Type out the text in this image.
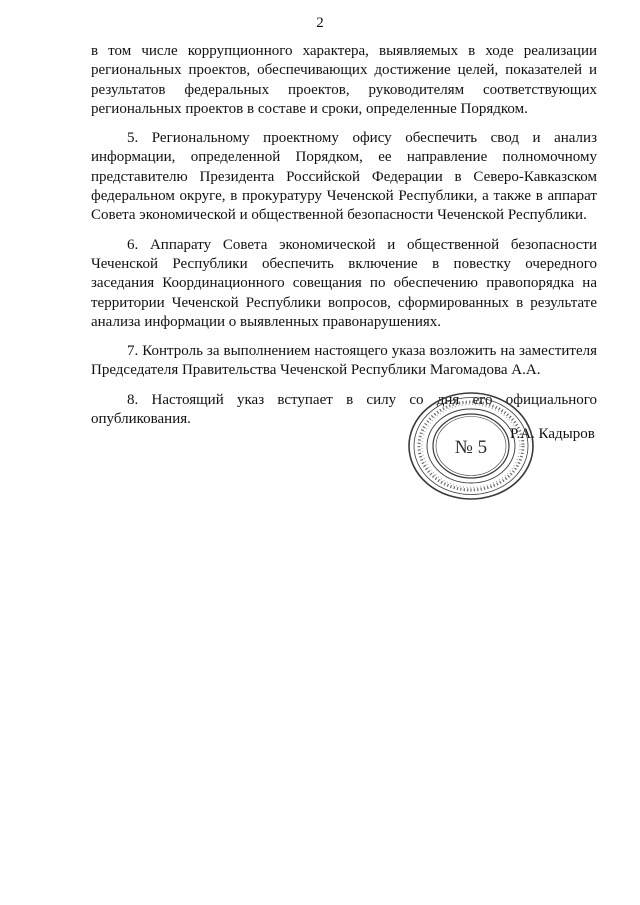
2

в том числе коррупционного характера, выявляемых в ходе реализации региональных проектов, обеспечивающих достижение целей, показателей и результатов федеральных проектов, руководителям соответствующих региональных проектов в составе и сроки, определенные Порядком.

5. Региональному проектному офису обеспечить свод и анализ информации, определенной Порядком, ее направление полномочному представителю Президента Российской Федерации в Северо-Кавказском федеральном округе, в прокуратуру Чеченской Республики, а также в аппарат Совета экономической и общественной безопасности Чеченской Республики.

6. Аппарату Совета экономической и общественной безопасности Чеченской Республики обеспечить включение в повестку очередного заседания Координационного совещания по обеспечению правопорядка на территории Чеченской Республики вопросов, сформированных в результате анализа информации о выявленных правонарушениях.

7. Контроль за выполнением настоящего указа возложить на заместителя Председателя Правительства Чеченской Республики Магомадова А.А.

8. Настоящий указ вступает в силу со дня его официального опубликования.

№ 5
Р.А. Кадыров
